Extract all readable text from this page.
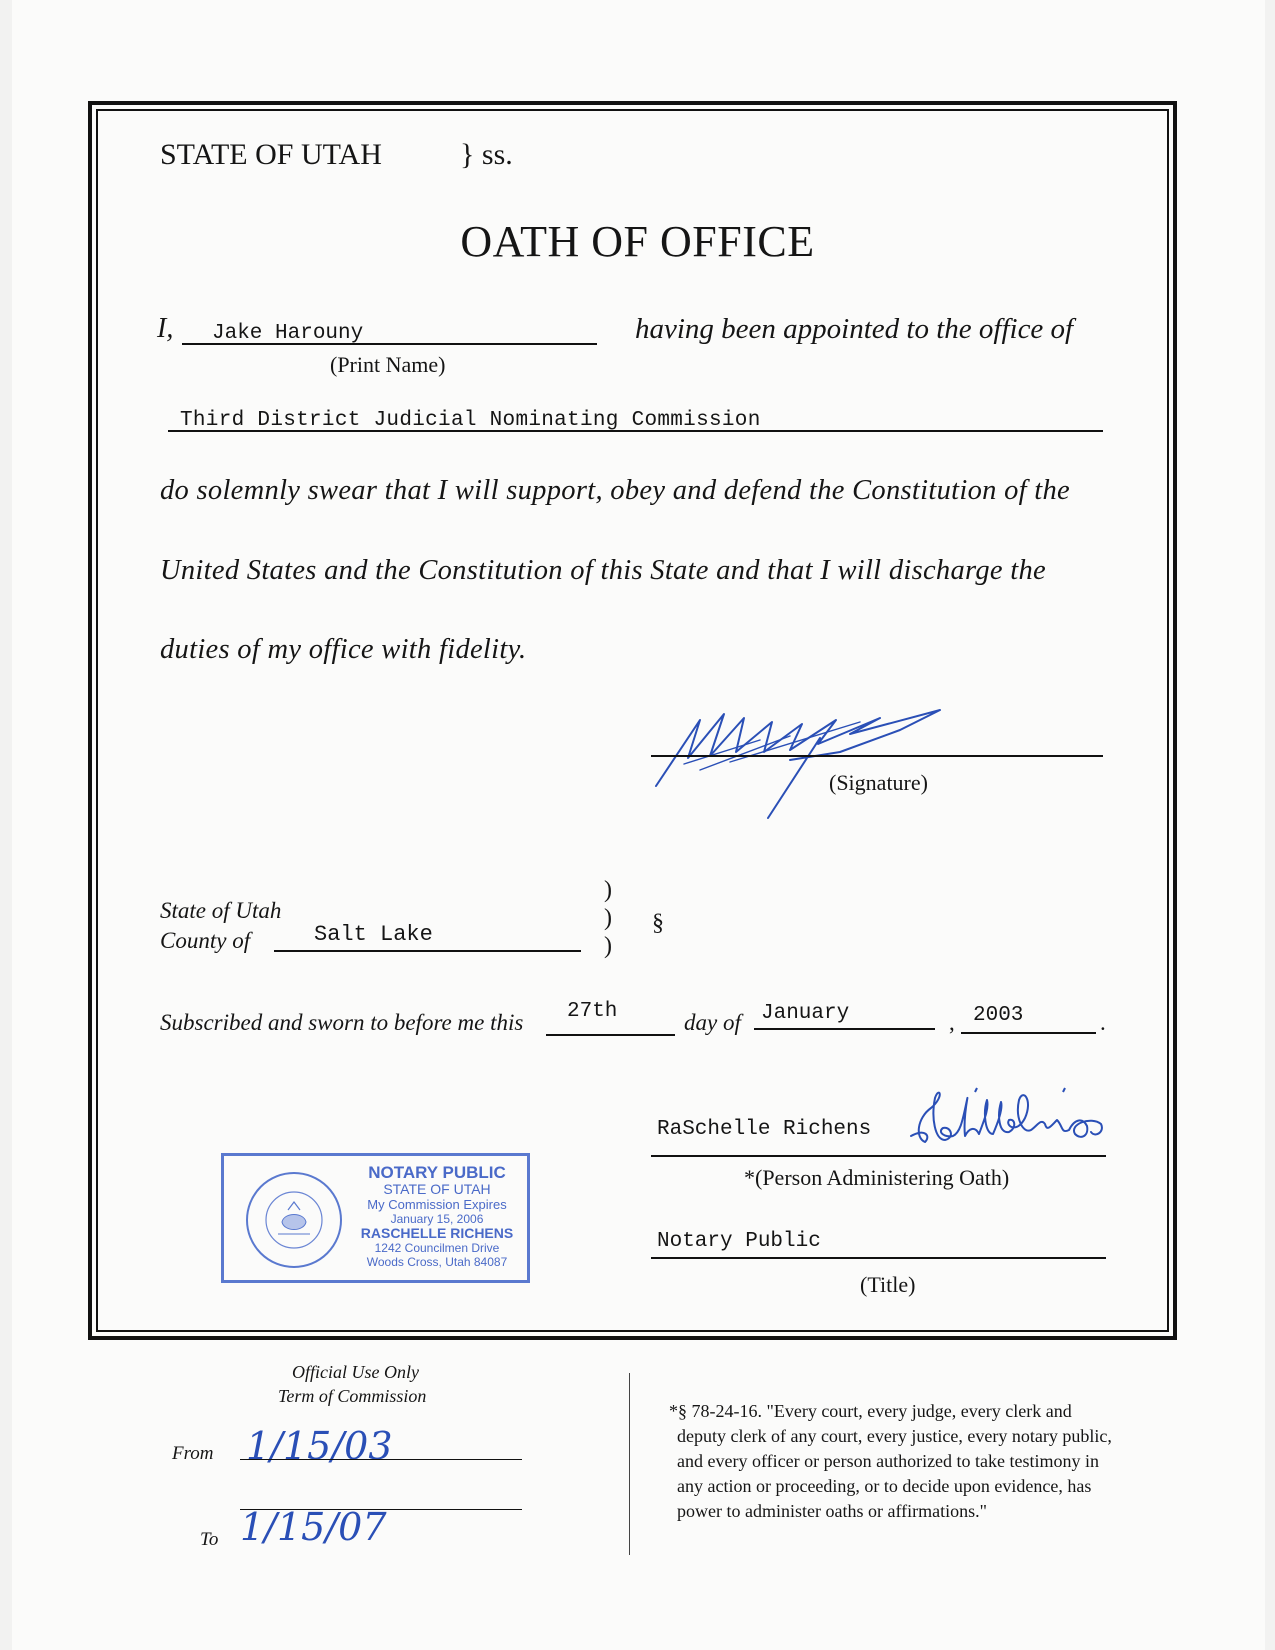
STATE OF UTAH	} ss.
OATH OF OFFICE
I, Jake Harouny	having been appointed to the office of
(Print Name)
Third District Judicial Nominating Commission
do solemnly swear that I will support, obey and defend the Constitution of the
United States and the Constitution of this State and that I will discharge the
duties of my office with fidelity.
(Signature)
State of Utah
County of	Salt Lake
)
)
)
§
Subscribed and sworn to before me this 27th	day of January	, 2003	.
RaSchelle Richens
*(Person Administering Oath)
Notary Public
(Title)
NOTARY PUBLIC
STATE OF UTAH
My Commission Expires
January 15, 2006
RASCHELLE RICHENS
1242 Councilmen Drive
Woods Cross, Utah 84087
Official Use Only
Term of Commission
From 1/15/03
To 1/15/07
*§ 78-24-16. "Every court, every judge, every clerk and
deputy clerk of any court, every justice, every notary public,
and every officer or person authorized to take testimony in
any action or proceeding, or to decide upon evidence, has
power to administer oaths or affirmations."
